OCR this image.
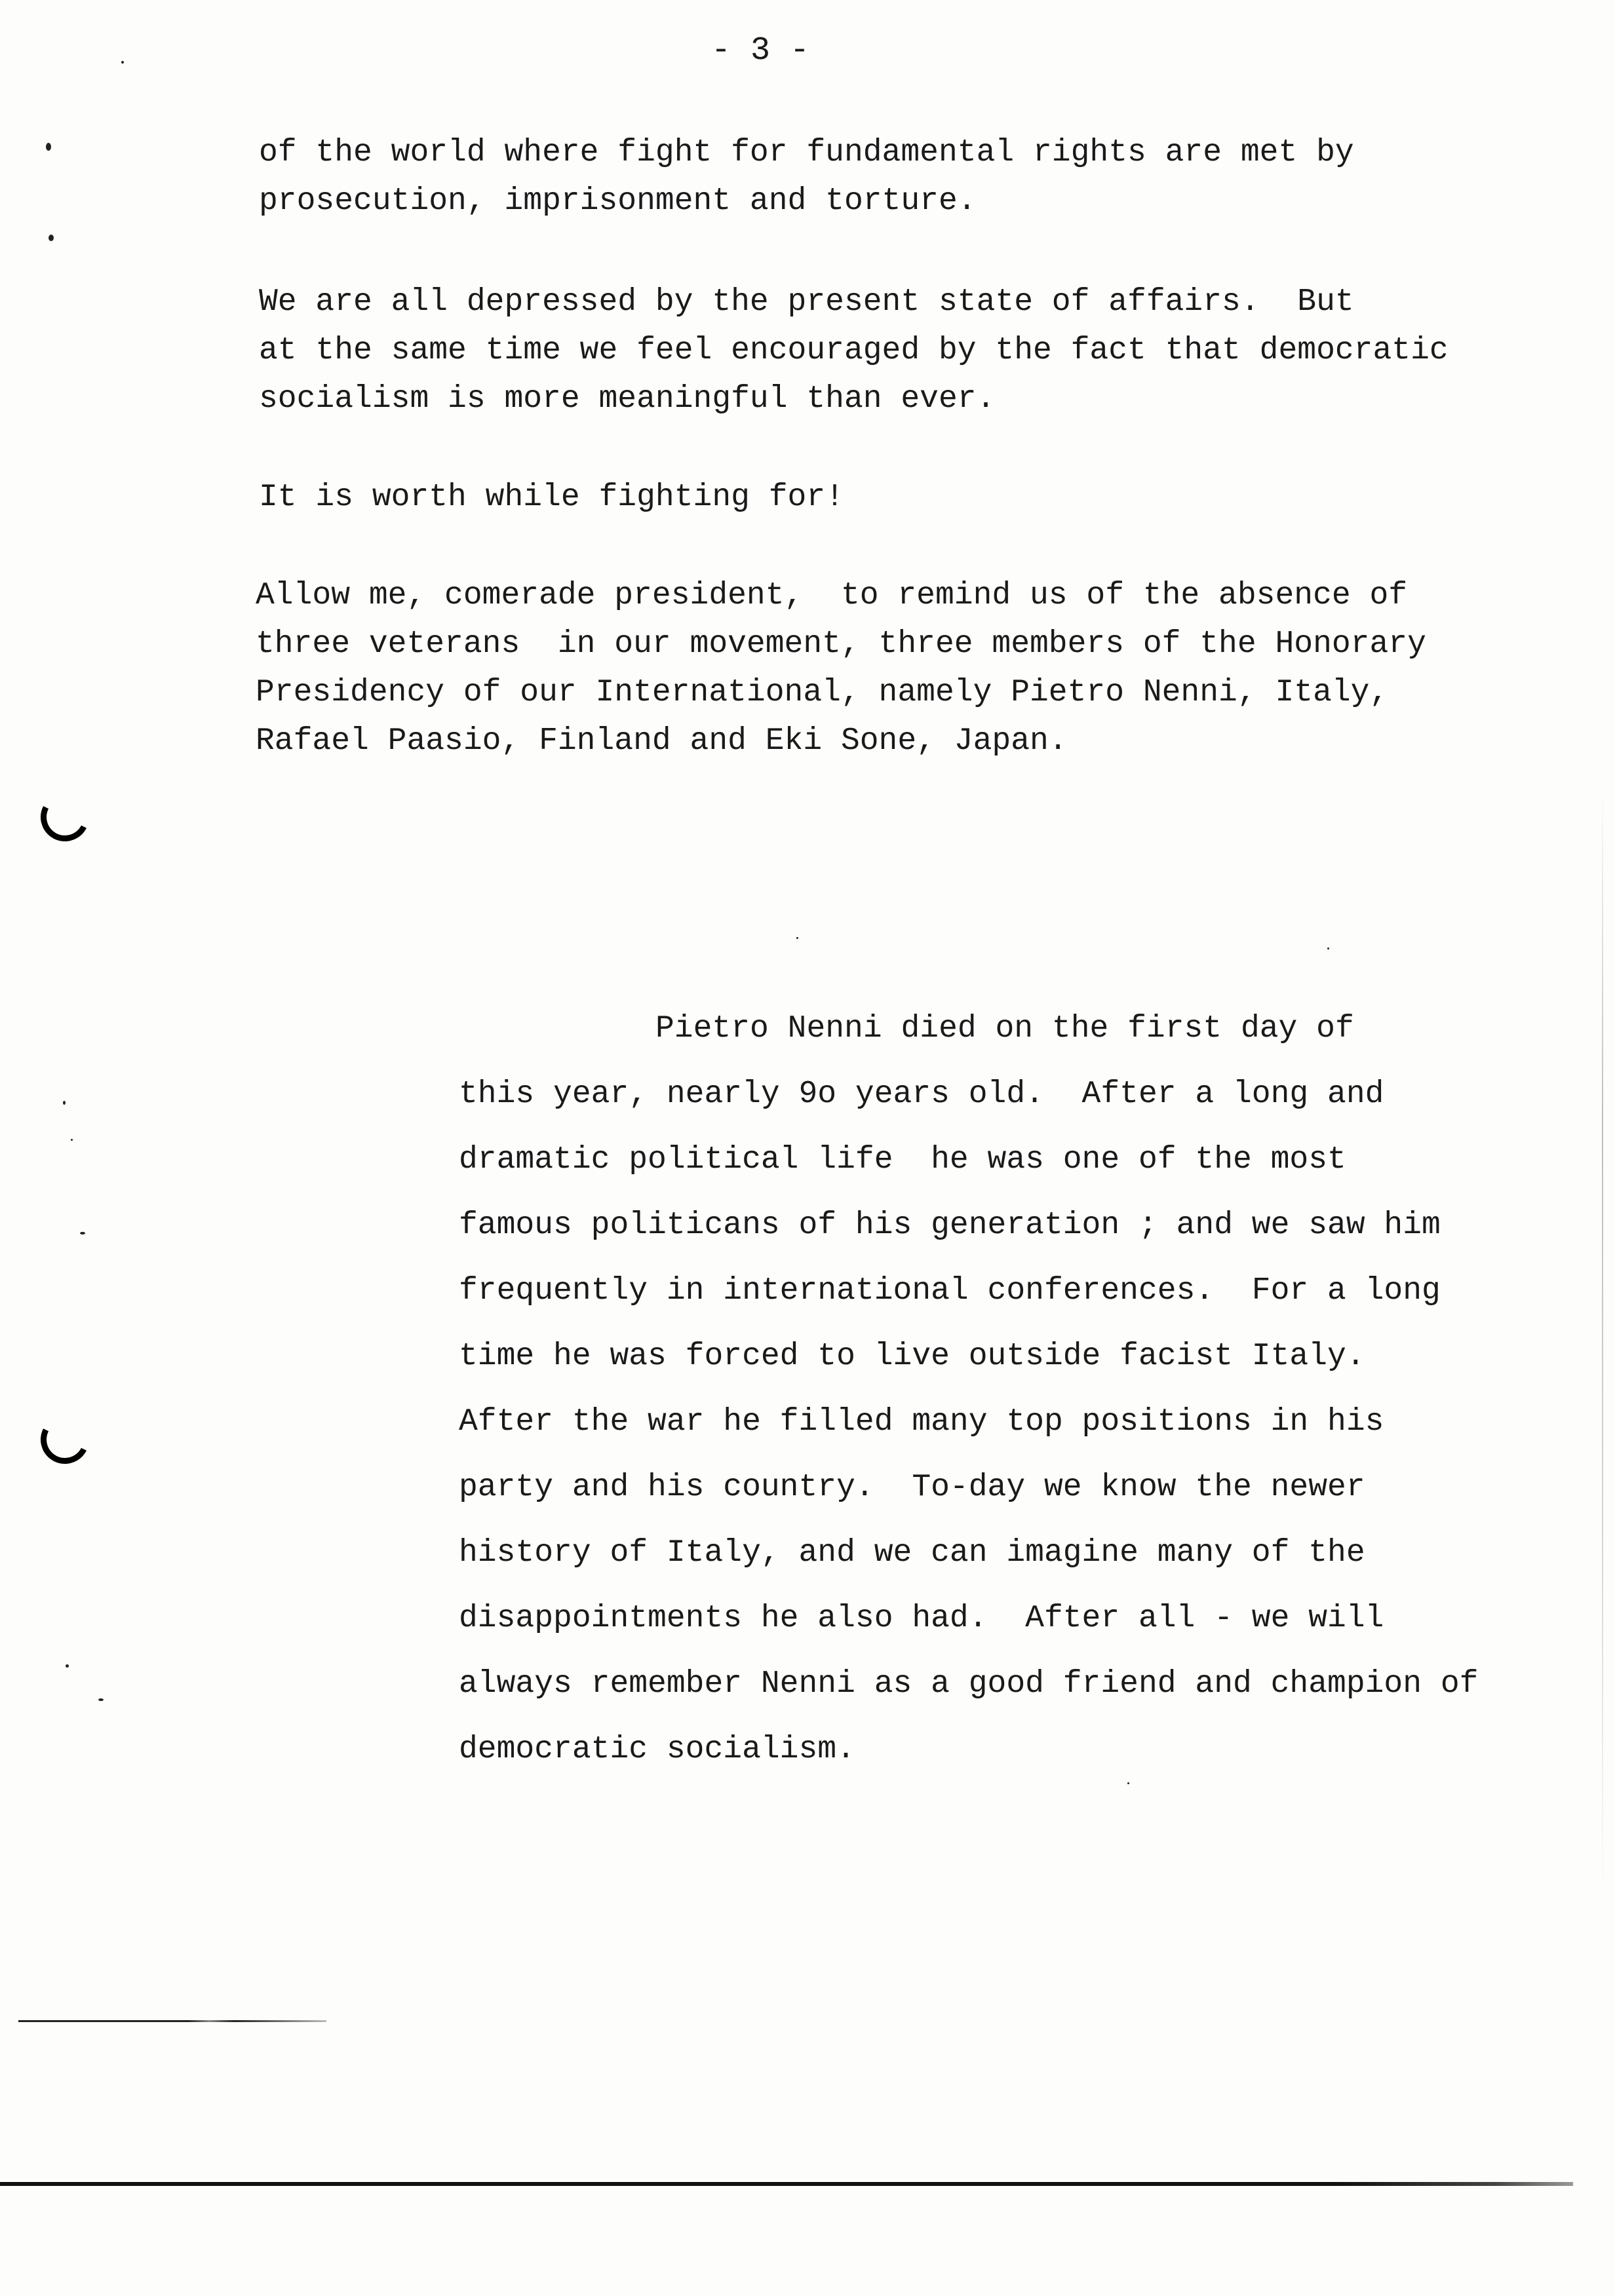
- 3 -
of the world where fight for fundamental rights are met by
prosecution, imprisonment and torture.
We are all depressed by the present state of affairs.  But
at the same time we feel encouraged by the fact that democratic
socialism is more meaningful than ever.
It is worth while fighting for!
Allow me, comerade president,  to remind us of the absence of
three veterans  in our movement, three members of the Honorary
Presidency of our International, namely Pietro Nenni, Italy,
Rafael Paasio, Finland and Eki Sone, Japan.
Pietro Nenni died on the first day of
this year, nearly 9o years old.  After a long and
dramatic political life  he was one of the most
famous politicans of his generation ; and we saw him
frequently in international conferences.  For a long
time he was forced to live outside facist Italy.
After the war he filled many top positions in his
party and his country.  To-day we know the newer
history of Italy, and we can imagine many of the
disappointments he also had.  After all - we will
always remember Nenni as a good friend and champion of
democratic socialism.
